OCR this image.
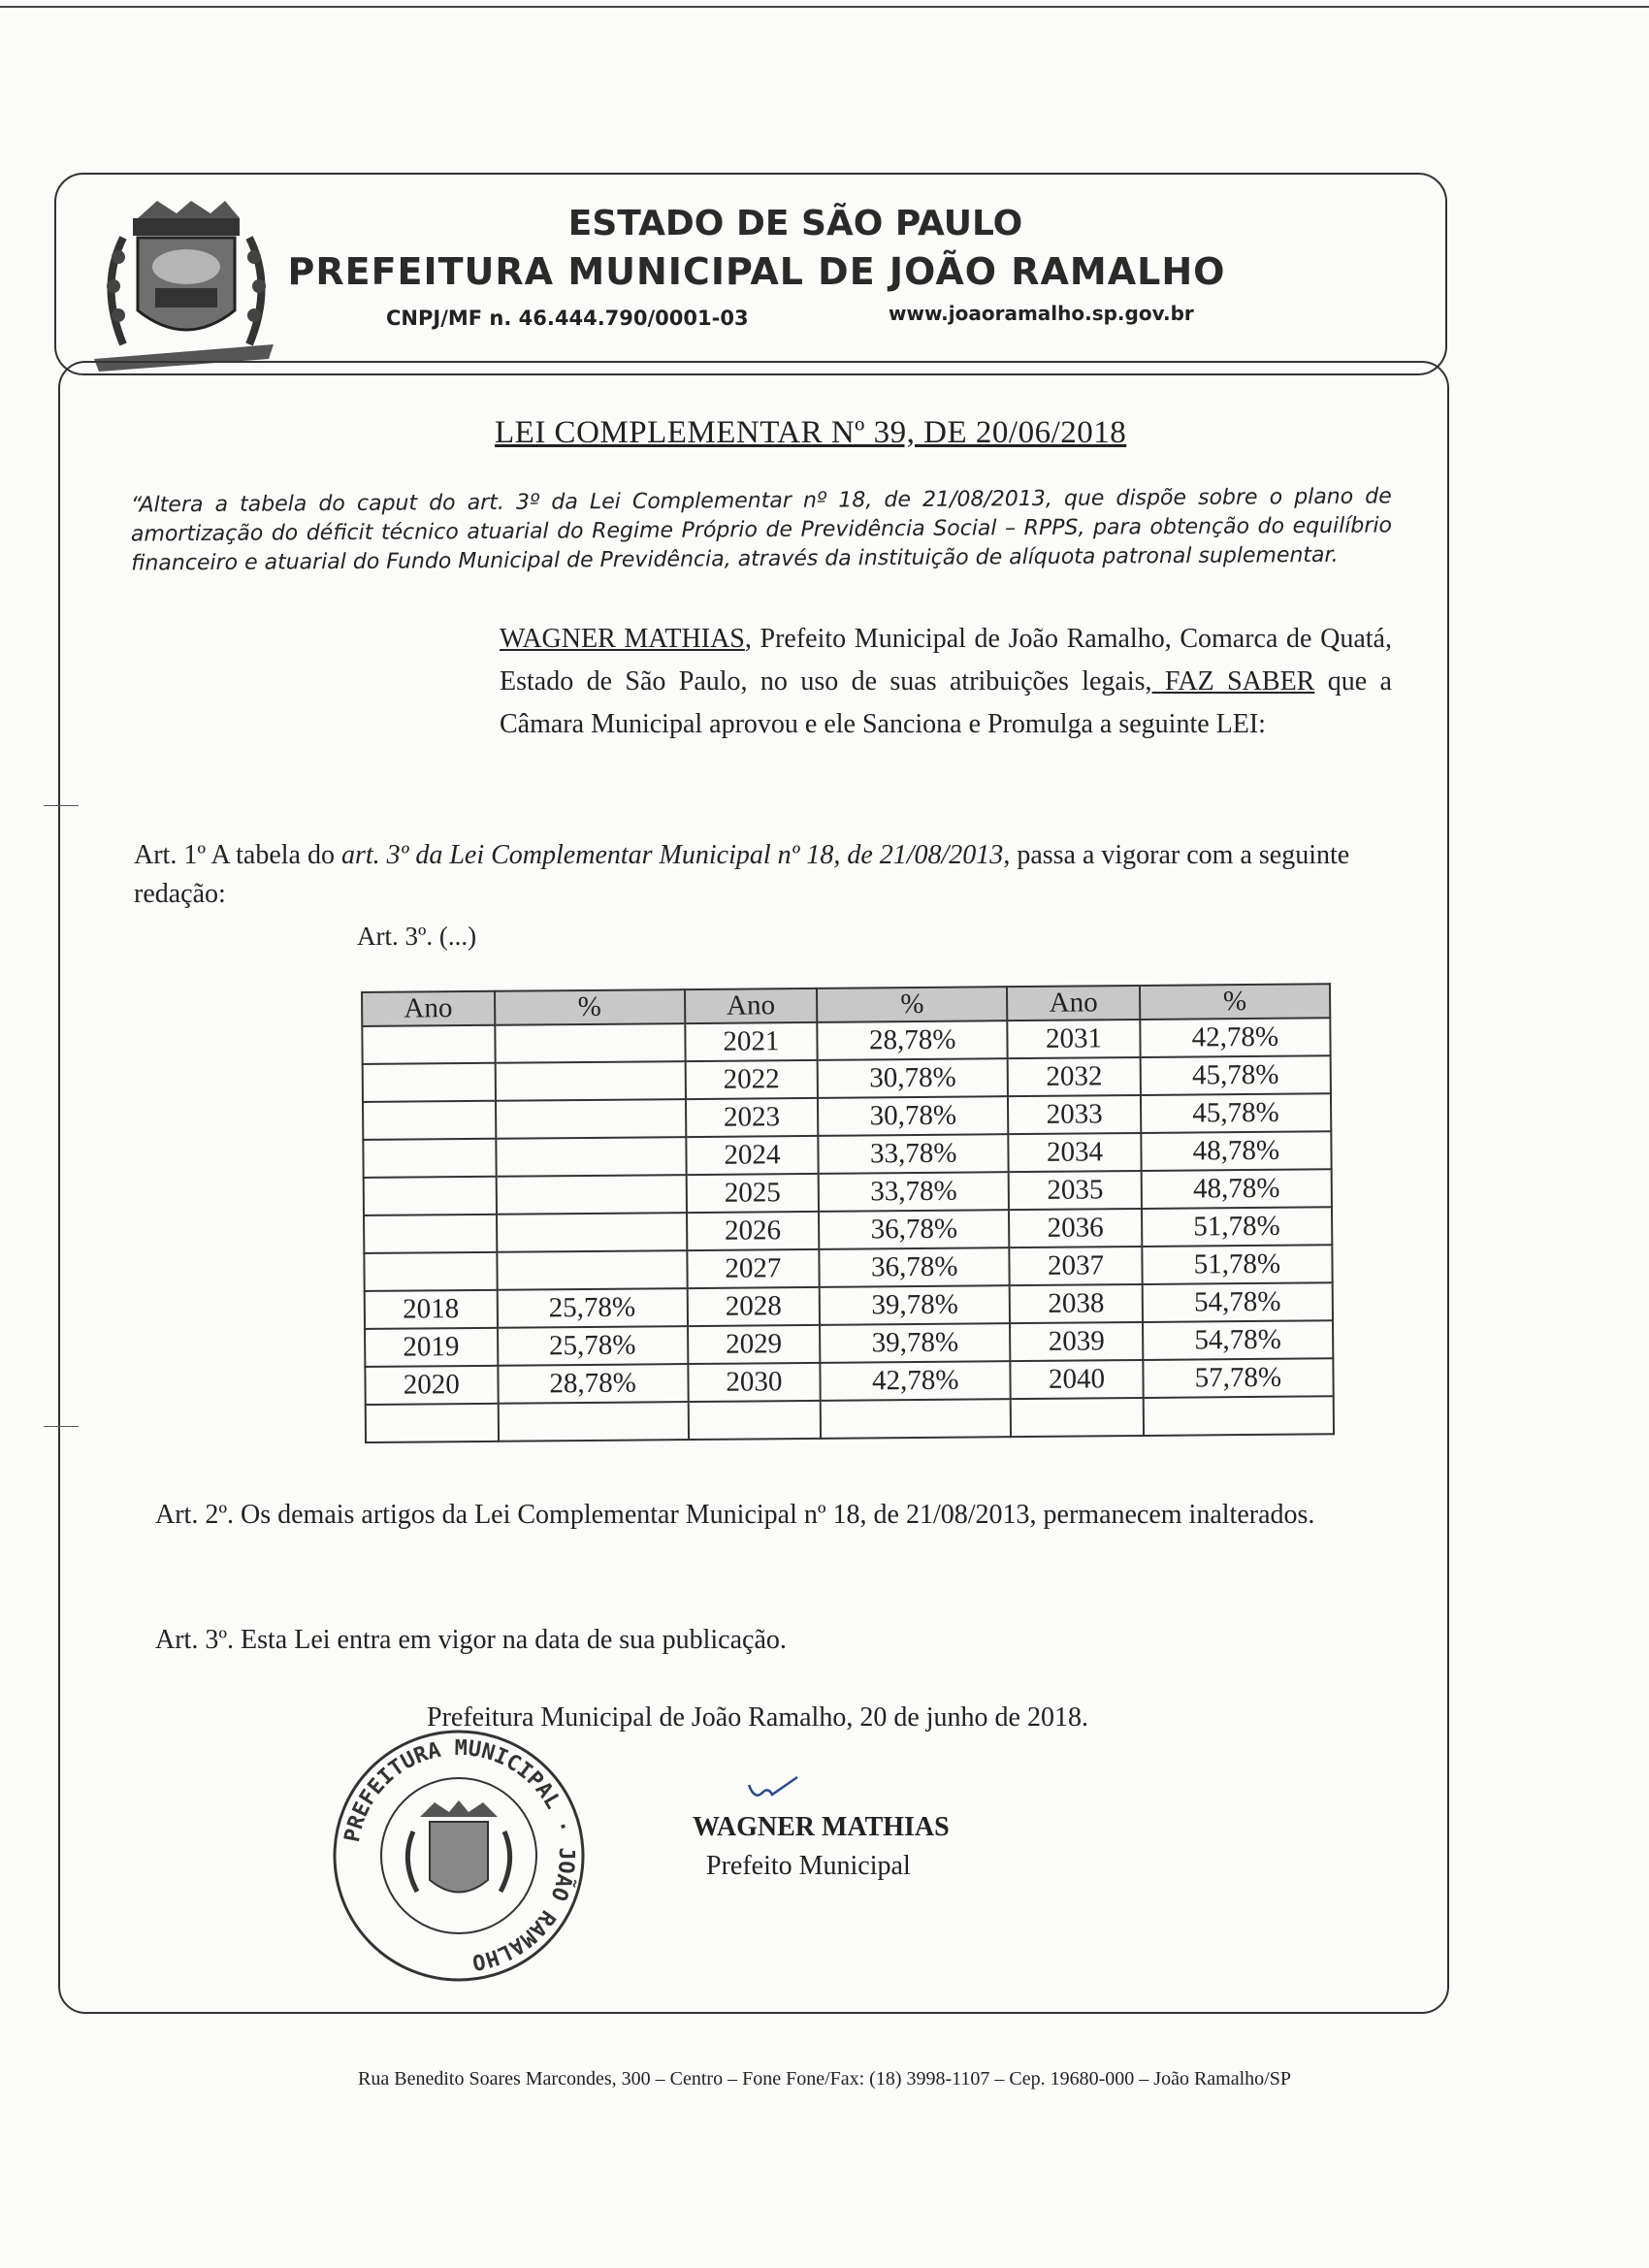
ESTADO DE SÃO PAULO
PREFEITURA MUNICIPAL DE JOÃO RAMALHO
CNPJ/MF n. 46.444.790/0001-03	www.joaoramalho.sp.gov.br
LEI COMPLEMENTAR Nº 39, DE 20/06/2018
“Altera a tabela do caput do art. 3º da Lei Complementar nº 18, de 21/08/2013, que dispõe sobre o plano de amortização do déficit técnico atuarial do Regime Próprio de Previdência Social – RPPS, para obtenção do equilíbrio financeiro e atuarial do Fundo Municipal de Previdência, através da instituição de alíquota patronal suplementar.
WAGNER MATHIAS, Prefeito Municipal de João Ramalho, Comarca de Quatá, Estado de São Paulo, no uso de suas atribuições legais, FAZ SABER que a Câmara Municipal aprovou e ele Sanciona e Promulga a seguinte LEI:
Art. 1º A tabela do art. 3º da Lei Complementar Municipal nº 18, de 21/08/2013, passa a vigorar com a seguinte redação:
Art. 3º. (...)
Ano	%	Ano	%	Ano	%
		2021	28,78%	2031	42,78%
		2022	30,78%	2032	45,78%
		2023	30,78%	2033	45,78%
		2024	33,78%	2034	48,78%
		2025	33,78%	2035	48,78%
		2026	36,78%	2036	51,78%
		2027	36,78%	2037	51,78%
2018	25,78%	2028	39,78%	2038	54,78%
2019	25,78%	2029	39,78%	2039	54,78%
2020	28,78%	2030	42,78%	2040	57,78%

Art. 2º. Os demais artigos da Lei Complementar Municipal nº 18, de 21/08/2013, permanecem inalterados.
Art. 3º. Esta Lei entra em vigor na data de sua publicação.
Prefeitura Municipal de João Ramalho, 20 de junho de 2018.
PREFEITURA MUNICIPAL · JOÃO RAMALHO
WAGNER MATHIAS
Prefeito Municipal
Rua Benedito Soares Marcondes, 300 – Centro – Fone Fone/Fax: (18) 3998-1107 – Cep. 19680-000 – João Ramalho/SP
